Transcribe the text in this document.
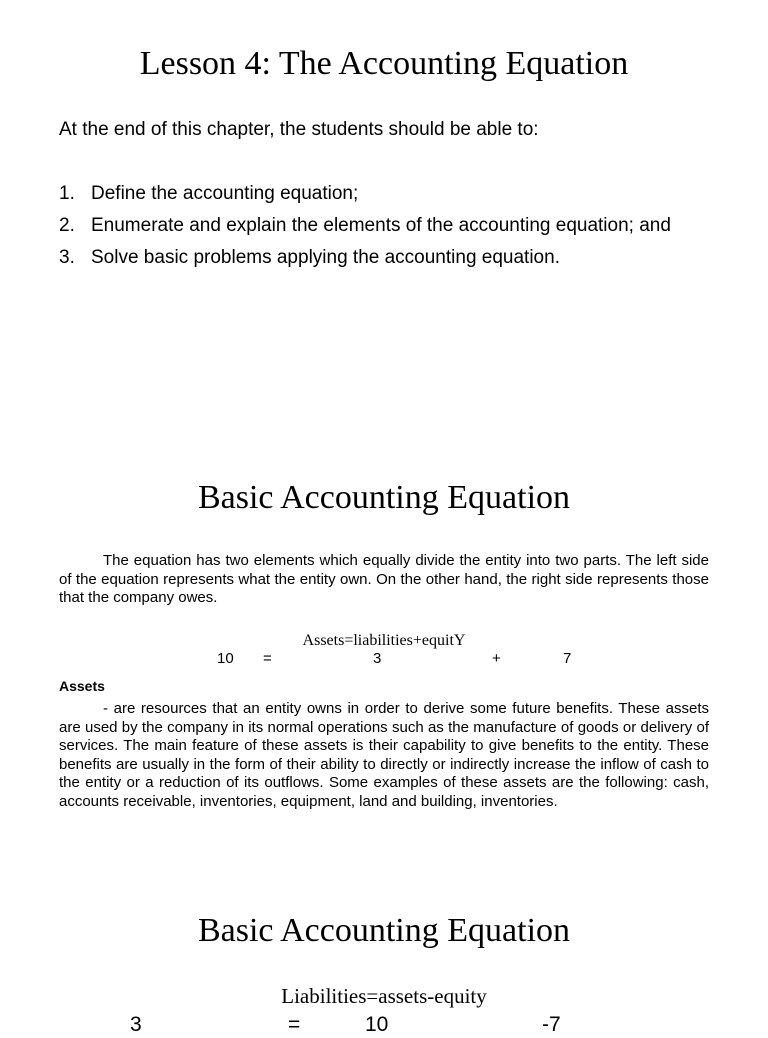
Lesson 4: The Accounting Equation
At the end of this chapter, the students should be able to:
1. Define the accounting equation;
2. Enumerate and explain the elements of the accounting equation; and
3. Solve basic problems applying the accounting equation.
Basic Accounting Equation
The equation has two elements which equally divide the entity into two parts. The left side of the equation represents what the entity own. On the other hand, the right side represents those that the company owes.
Assets=liabilities+equitY
10 =	3	+	7
Assets
- are resources that an entity owns in order to derive some future benefits. These assets are used by the company in its normal operations such as the manufacture of goods or delivery of services. The main feature of these assets is their capability to give benefits to the entity. These benefits are usually in the form of their ability to directly or indirectly increase the inflow of cash to the entity or a reduction of its outflows. Some examples of these assets are the following: cash, accounts receivable, inventories, equipment, land and building, inventories.
Basic Accounting Equation
Liabilities=assets-equity
3	=	10	-7
